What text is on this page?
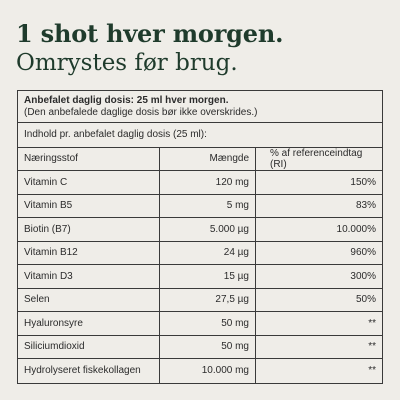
1 shot hver morgen.
Omrystes før brug.
Anbefalet daglig dosis: 25 ml hver morgen.
(Den anbefalede daglige dosis bør ikke overskrides.)
Indhold pr. anbefalet daglig dosis (25 ml):
Næringsstof	Mængde	% af referenceindtag (RI)
Vitamin C	120 mg	150%
Vitamin B5	5 mg	83%
Biotin (B7)	5.000 µg	10.000%
Vitamin B12	24 µg	960%
Vitamin D3	15 µg	300%
Selen	27,5 µg	50%
Hyaluronsyre	50 mg	**
Siliciumdioxid	50 mg	**
Hydrolyseret fiskekollagen	10.000 mg	**
